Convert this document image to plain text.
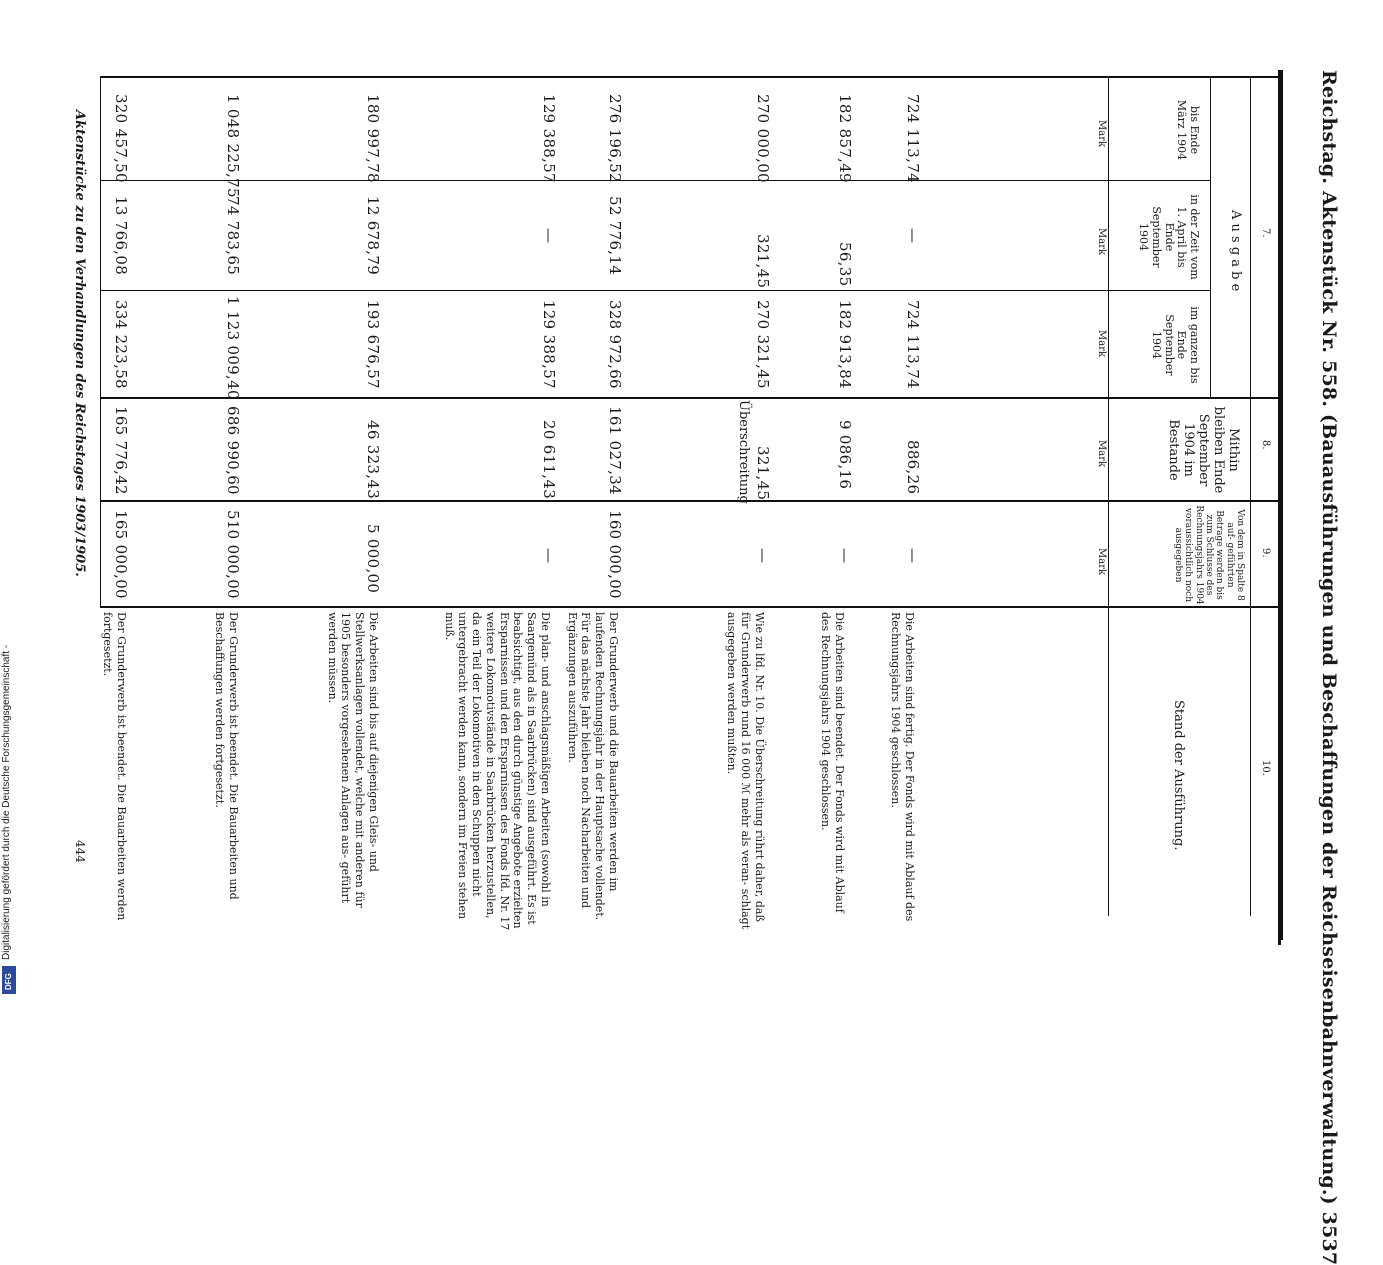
Reichstag. Aktenstück Nr. 558. (Bauausführungen und Beschaffungen der Reichseisenbahnverwaltung.) 3537
7.
8.
9.
10.
A u s g a b e
bis Ende März 1904
in der Zeit vom 1. April bis Ende September 1904
im ganzen bis Ende September 1904
Mithin bleiben Ende September 1904 im Bestande
Von dem in Spalte 8 auf- geführten Betrage werden bis zum Schlusse des Rechnungsjahrs 1904 voraussichtlich noch ausgegeben
Stand der Ausführung.
Mark
Mark
Mark
Mark
Mark
724 113,74
—
724 113,74
886,26
—
Die Arbeiten sind fertig. Der Fonds wird mit Ablauf des Rechnungsjahrs 1904 geschlossen.
182 857,49
56,35
182 913,84
9 086,16
—
Die Arbeiten sind beendet. Der Fonds wird mit Ablauf des Rechnungsjahrs 1904 geschlossen.
270 000,00
321,45
270 321,45
321,45
Überschreitung
—
Wie zu lfd. Nr. 10. Die Überschreitung rührt daher, daß für Grunderwerb rund 16 000 ℳ mehr als veran- schlagt ausgegeben werden mußten.
276 196,52
52 776,14
328 972,66
161 027,34
160 000,00
Der Grunderwerb und die Bauarbeiten werden im laufenden Rechnungsjahr in der Hauptsache vollendet. Für das nächste Jahr bleiben noch Nacharbeiten und Ergänzungen auszuführen.
129 388,57
—
129 388,57
20 611,43
—
Die plan- und anschlagsmäßigen Arbeiten (sowohl in Saargemünd als in Saarbrücken) sind ausgeführt. Es ist beabsichtigt, aus den durch günstige Angebote erzielten Ersparnissen und den Ersparnissen des Fonds lfd. Nr. 17 weitere Lokomotivstände in Saarbrücken herzustellen, da ein Teil der Lokomotiven in den Schuppen nicht untergebracht werden kann, sondern im Freien stehen muß.
180 997,78
12 678,79
193 676,57
46 323,43
5 000,00
Die Arbeiten sind bis auf diejenigen Gleis- und Stellwerksanlagen vollendet, welche mit anderen für 1905 besonders vorgesehenen Anlagen aus- geführt werden müssen.
1 048 225,75
74 783,65
1 123 009,40
686 990,60
510 000,00
Der Grunderwerb ist beendet. Die Bauarbeiten und Beschaffungen werden fortgesetzt.
320 457,50
13 766,08
334 223,58
165 776,42
165 000,00
Der Grunderwerb ist beendet. Die Bauarbeiten werden fortgesetzt.
Aktenstücke zu den Verhandlungen des Reichstages 1903/1905.
444
Digitalisierung gefördert durch die Deutsche Forschungsgemeinschaft -
DFG
